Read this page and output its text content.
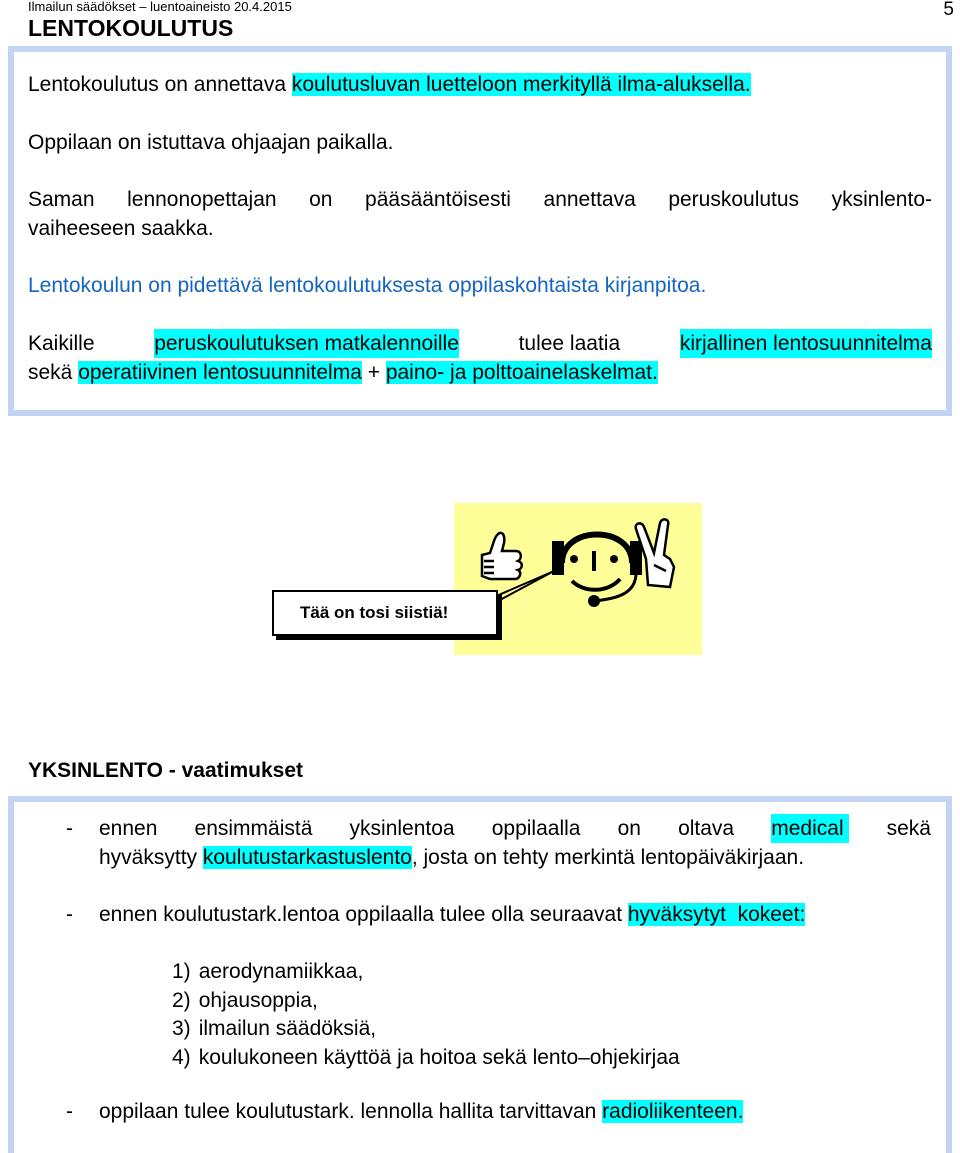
Ilmailun säädökset – luentoaineisto 20.4.2015	5
LENTOKOULUTUS
Lentokoulutus on annettava koulutusluvan luetteloon merkityllä ilma-aluksella.
Oppilaan on istuttava ohjaajan paikalla.
Saman lennonopettajan on pääsääntöisesti annettava peruskoulutus yksinlento-
vaiheeseen saakka.
Lentokoulun on pidettävä lentokoulutuksesta oppilaskohtaista kirjanpitoa.
Kaikille	peruskoulutuksen matkalennoille	tulee laatia	kirjallinen lentosuunnitelma
sekä operatiivinen lentosuunnitelma + paino- ja polttoainelaskelmat.
Tää on tosi siistiä!
YKSINLENTO - vaatimukset
- ennen ensimmäistä yksinlentoa oppilaalla on oltava medical sekä
hyväksytty koulutustarkastuslento, josta on tehty merkintä lentopäiväkirjaan.
- ennen koulutustark.lentoa oppilaalla tulee olla seuraavat hyväksytyt  kokeet:
1) aerodynamiikkaa,
2) ohjausoppia,
3) ilmailun säädöksiä,
4) koulukoneen käyttöä ja hoitoa sekä lento–ohjekirjaa
- oppilaan tulee koulutustark. lennolla hallita tarvittavan radioliikenteen.
